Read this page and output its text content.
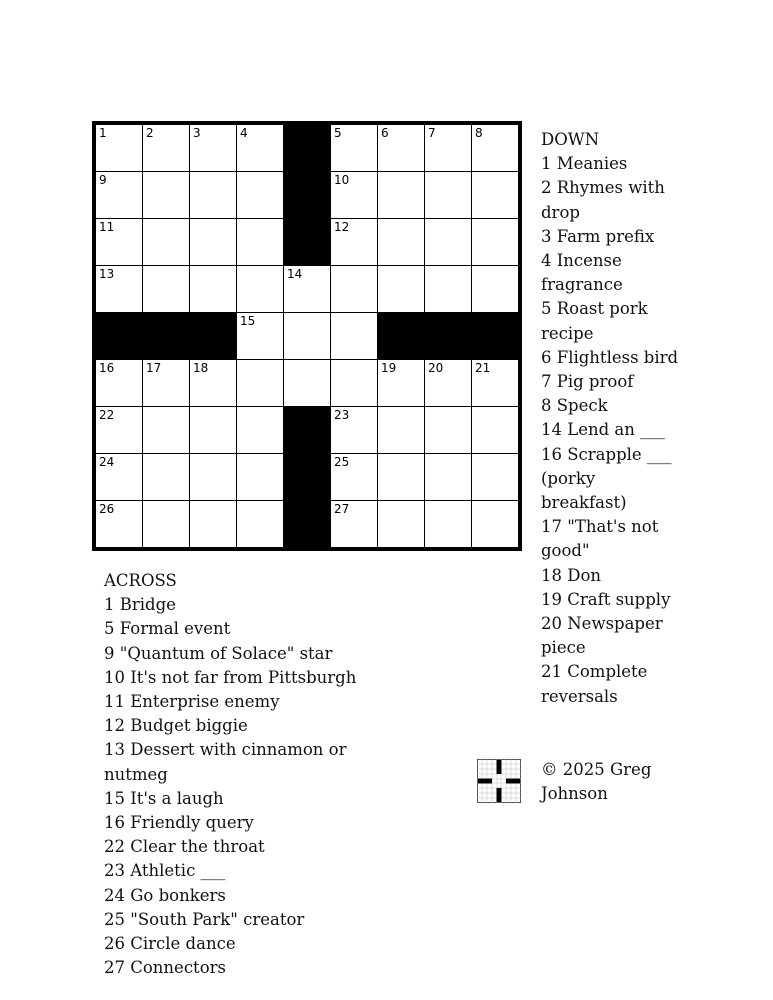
1	2	3	4	5	6	7	8
9	10
11	12
13	14
15
16	17	18	19	20	21
22	23
24	25
26	27
ACROSS
1 Bridge
5 Formal event
9 "Quantum of Solace" star
10 It's not far from Pittsburgh
11 Enterprise enemy
12 Budget biggie
13 Dessert with cinnamon or
nutmeg
15 It's a laugh
16 Friendly query
22 Clear the throat
23 Athletic ___
24 Go bonkers
25 "South Park" creator
26 Circle dance
27 Connectors
DOWN
1 Meanies
2 Rhymes with
drop
3 Farm prefix
4 Incense
fragrance
5 Roast pork
recipe
6 Flightless bird
7 Pig proof
8 Speck
14 Lend an ___
16 Scrapple ___
(porky
breakfast)
17 "That's not
good"
18 Don
19 Craft supply
20 Newspaper
piece
21 Complete
reversals
© 2025 Greg
Johnson
